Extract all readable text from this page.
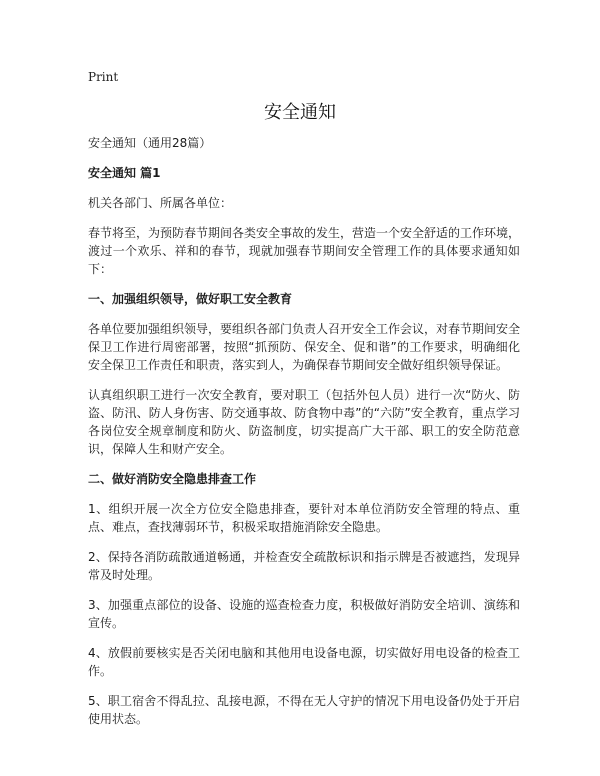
Print
安全通知

安全通知（通用28篇）

安全通知 篇1

机关各部门、所属各单位：

春节将至，为预防春节期间各类安全事故的发生，营造一个安全舒适的工作环境，渡过一个欢乐、祥和的春节，现就加强春节期间安全管理工作的具体要求通知如下：

一、加强组织领导，做好职工安全教育

各单位要加强组织领导，要组织各部门负责人召开安全工作会议，对春节期间安全保卫工作进行周密部署，按照“抓预防、保安全、促和谐”的工作要求，明确细化安全保卫工作责任和职责，落实到人，为确保春节期间安全做好组织领导保证。

认真组织职工进行一次安全教育，要对职工（包括外包人员）进行一次“防火、防盗、防汛、防人身伤害、防交通事故、防食物中毒”的“六防”安全教育，重点学习各岗位安全规章制度和防火、防盗制度，切实提高广大干部、职工的安全防范意识，保障人生和财产安全。

二、做好消防安全隐患排查工作

1、组织开展一次全方位安全隐患排查，要针对本单位消防安全管理的特点、重点、难点，查找薄弱环节，积极采取措施消除安全隐患。

2、保持各消防疏散通道畅通，并检查安全疏散标识和指示牌是否被遮挡，发现异常及时处理。

3、加强重点部位的设备、设施的巡查检查力度，积极做好消防安全培训、演练和宣传。

4、放假前要核实是否关闭电脑和其他用电设备电源，切实做好用电设备的检查工作。

5、职工宿舍不得乱拉、乱接电源，不得在无人守护的情况下用电设备仍处于开启使用状态。
